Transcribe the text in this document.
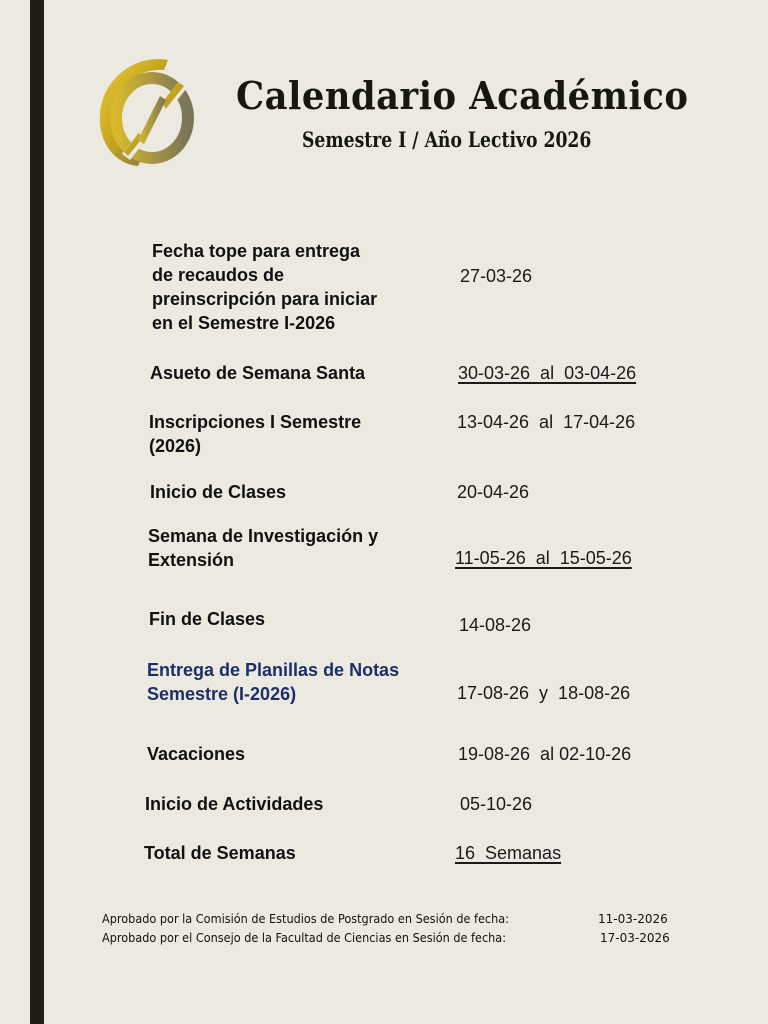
Calendario Académico
Semestre I / Año Lectivo 2026
Fecha tope para entrega
de recaudos de
preinscripción para iniciar
en el Semestre I-2026
27-03-26
Asueto de Semana Santa	30-03-26  al  03-04-26
Inscripciones I Semestre
(2026)
13-04-26  al  17-04-26
Inicio de Clases	20-04-26
Semana de Investigación y
Extensión	11-05-26  al  15-05-26
Fin de Clases	14-08-26
Entrega de Planillas de Notas
Semestre (I-2026)	17-08-26  y  18-08-26
Vacaciones	19-08-26  al 02-10-26
Inicio de Actividades	05-10-26
Total de Semanas	16  Semanas
Aprobado por la Comisión de Estudios de Postgrado en Sesión de fecha:	11-03-2026
Aprobado por el Consejo de la Facultad de Ciencias en Sesión de fecha:	17-03-2026
